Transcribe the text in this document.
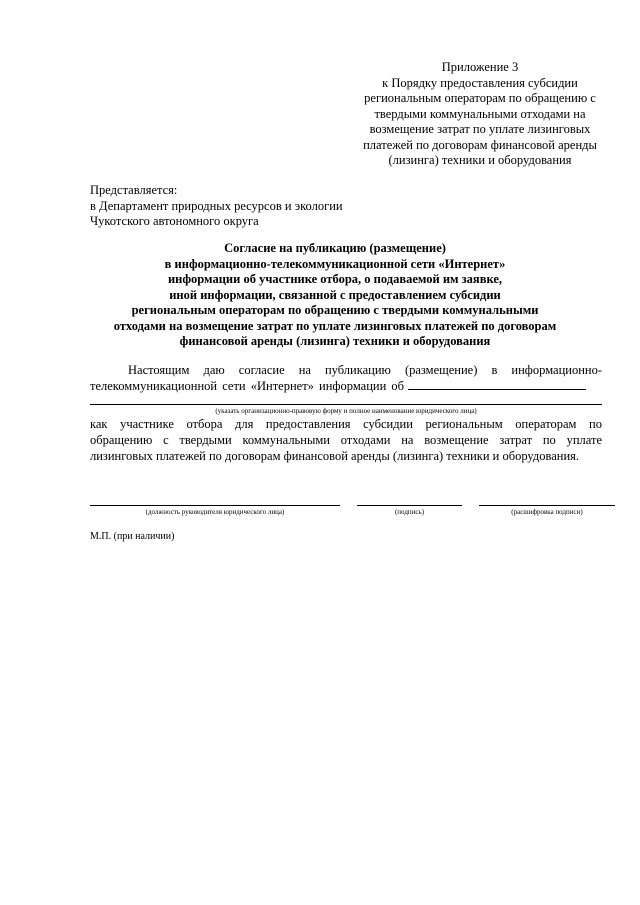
Приложение 3
к Порядку предоставления субсидии
региональным операторам по обращению с
твердыми коммунальными отходами на
возмещение затрат по уплате лизинговых
платежей по договорам финансовой аренды
(лизинга) техники и оборудования
Представляется:
в Департамент природных ресурсов и экологии
Чукотского автономного округа
Согласие на публикацию (размещение)
в информационно-телекоммуникационной сети «Интернет»
информации об участнике отбора, о подаваемой им заявке,
иной информации, связанной с предоставлением субсидии
региональным операторам по обращению с твердыми коммунальными
отходами на возмещение затрат по уплате лизинговых платежей по договорам
финансовой аренды (лизинга) техники и оборудования
Настоящим даю согласие на публикацию (размещение) в информационно-
телекоммуникационной сети «Интернет» информации об
(указать организационно-правовую форму и полное наименование юридического лица)
как участнике отбора для предоставления субсидии региональным операторам по
обращению с твердыми коммунальными отходами на возмещение затрат по уплате
лизинговых платежей по договорам финансовой аренды (лизинга) техники и оборудования.
(должность руководителя юридического лица)	(подпись)	(расшифровка подписи)
М.П. (при наличии)
